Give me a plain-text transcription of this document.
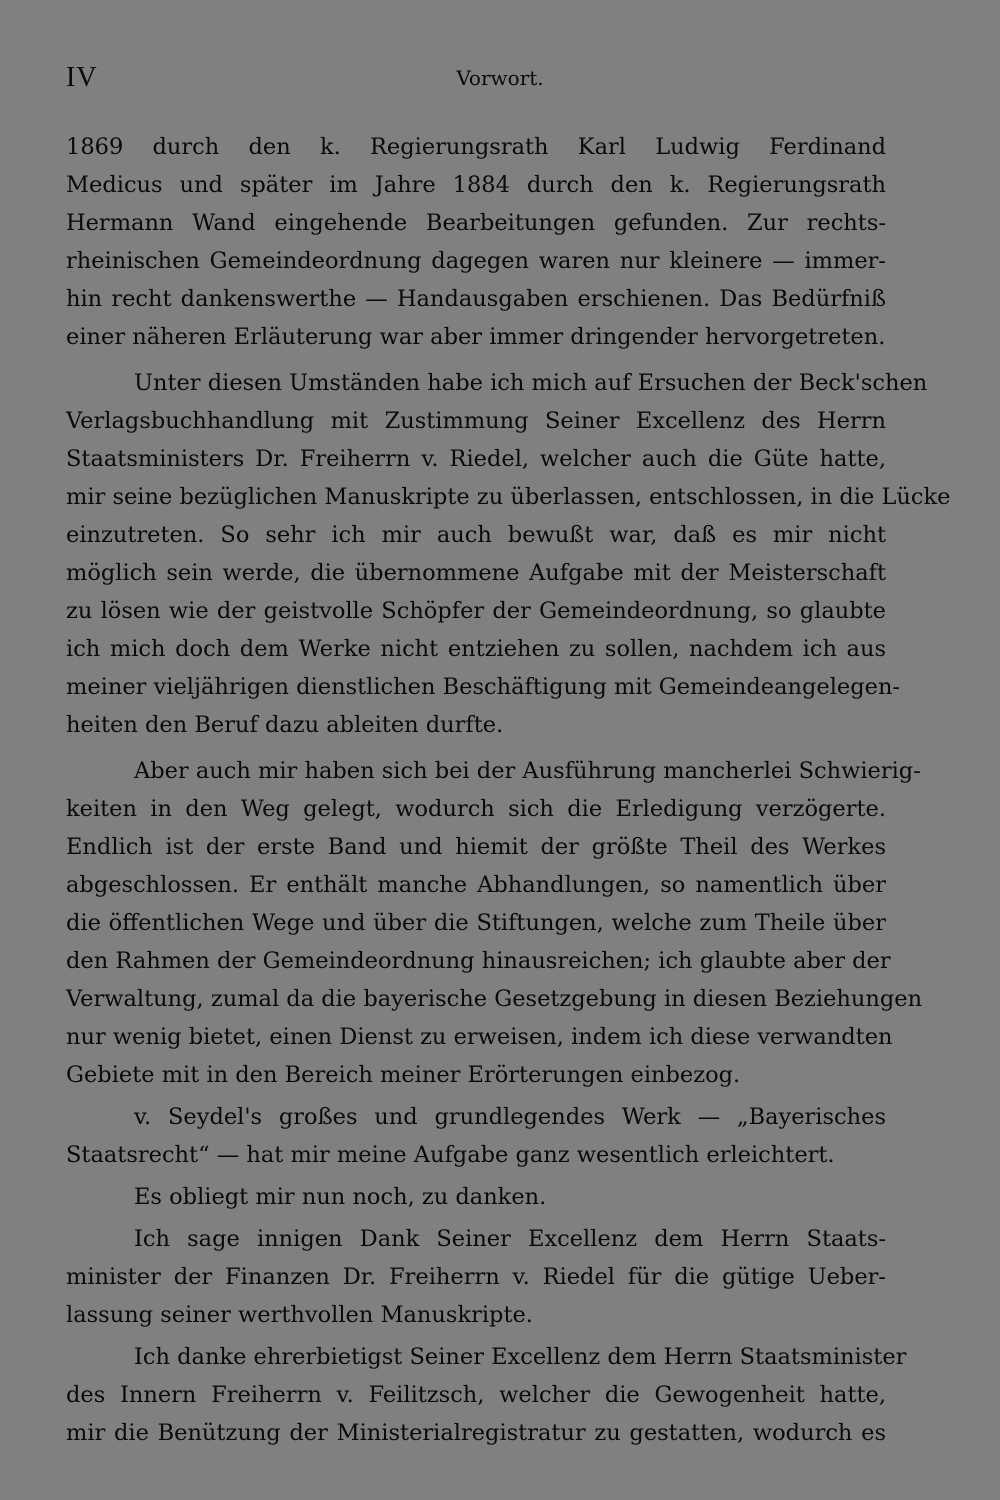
IV	Vorwort.

1869 durch den k. Regierungsrath Karl Ludwig Ferdinand

Medicus und später im Jahre 1884 durch den k. Regierungsrath

Hermann Wand eingehende Bearbeitungen gefunden. Zur rechts-

rheinischen Gemeindeordnung dagegen waren nur kleinere — immer-

hin recht dankenswerthe — Handausgaben erschienen. Das Bedürfniß

einer näheren Erläuterung war aber immer dringender hervorgetreten.

Unter diesen Umständen habe ich mich auf Ersuchen der Beck'schen

Verlagsbuchhandlung mit Zustimmung Seiner Excellenz des Herrn

Staatsministers Dr. Freiherrn v. Riedel, welcher auch die Güte hatte,

mir seine bezüglichen Manuskripte zu überlassen, entschlossen, in die Lücke

einzutreten. So sehr ich mir auch bewußt war, daß es mir nicht

möglich sein werde, die übernommene Aufgabe mit der Meisterschaft

zu lösen wie der geistvolle Schöpfer der Gemeindeordnung, so glaubte

ich mich doch dem Werke nicht entziehen zu sollen, nachdem ich aus

meiner vieljährigen dienstlichen Beschäftigung mit Gemeindeangelegen-

heiten den Beruf dazu ableiten durfte.

Aber auch mir haben sich bei der Ausführung mancherlei Schwierig-

keiten in den Weg gelegt, wodurch sich die Erledigung verzögerte.

Endlich ist der erste Band und hiemit der größte Theil des Werkes

abgeschlossen. Er enthält manche Abhandlungen, so namentlich über

die öffentlichen Wege und über die Stiftungen, welche zum Theile über

den Rahmen der Gemeindeordnung hinausreichen; ich glaubte aber der

Verwaltung, zumal da die bayerische Gesetzgebung in diesen Beziehungen

nur wenig bietet, einen Dienst zu erweisen, indem ich diese verwandten

Gebiete mit in den Bereich meiner Erörterungen einbezog.

v. Seydel's großes und grundlegendes Werk — „Bayerisches

Staatsrecht“ — hat mir meine Aufgabe ganz wesentlich erleichtert.

Es obliegt mir nun noch, zu danken.

Ich sage innigen Dank Seiner Excellenz dem Herrn Staats-

minister der Finanzen Dr. Freiherrn v. Riedel für die gütige Ueber-

lassung seiner werthvollen Manuskripte.

Ich danke ehrerbietigst Seiner Excellenz dem Herrn Staatsminister

des Innern Freiherrn v. Feilitzsch, welcher die Gewogenheit hatte,

mir die Benützung der Ministerialregistratur zu gestatten, wodurch es
